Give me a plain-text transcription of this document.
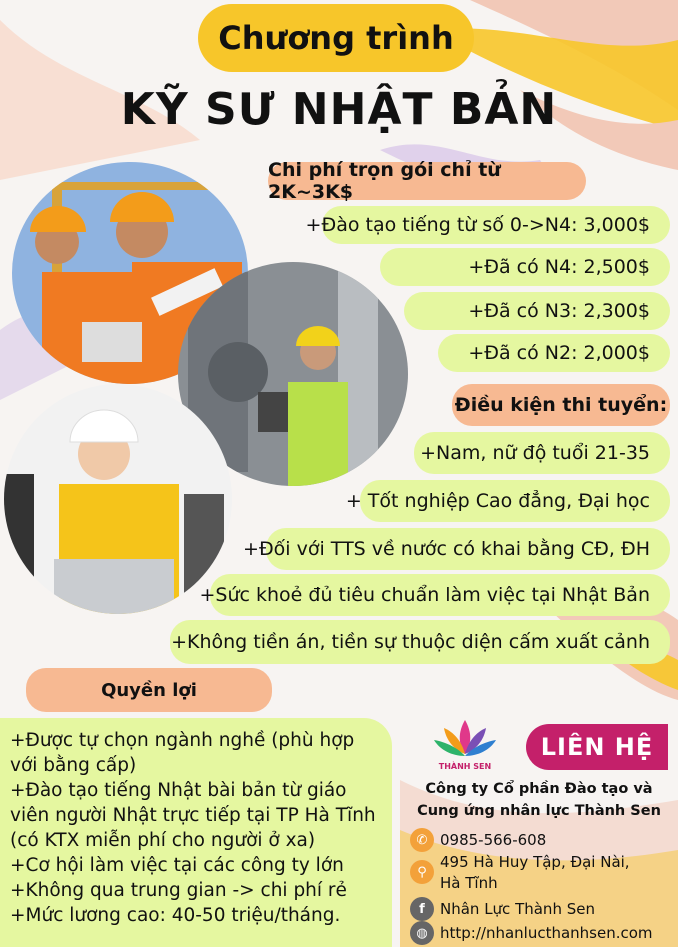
Chương trình
KỸ SƯ NHẬT BẢN
Chi phí trọn gói chỉ từ 2K~3K$
+Đào tạo tiếng từ số 0->N4: 3,000$
+Đã có N4: 2,500$
+Đã có N3: 2,300$
+Đã có N2: 2,000$
Điều kiện thi tuyển:
+Nam, nữ độ tuổi 21-35
+ Tốt nghiệp Cao đẳng, Đại học
+Đối với TTS về nước có khai bằng CĐ, ĐH
+Sức khoẻ đủ tiêu chuẩn làm việc tại Nhật Bản
+Không tiền án, tiền sự thuộc diện cấm xuất cảnh
Quyền lợi

+Được tự chọn ngành nghề (phù hợp với bằng cấp)

+Đào tạo tiếng Nhật bài bản từ giáo viên người Nhật trực tiếp tại TP Hà Tĩnh (có KTX miễn phí cho người ở xa)

+Cơ hội làm việc tại các công ty lớn

+Không qua trung gian -> chi phí rẻ

+Mức lương cao: 40-50 triệu/tháng.

THÀNH SEN
LIÊN HỆ
Công ty Cổ phần Đào tạo và
Cung ứng nhân lực Thành Sen
✆ 0985-566-608
⚲
495 Hà Huy Tập, Đại Nài,
Hà Tĩnh
f	Nhân Lực Thành Sen
◍ http://nhanlucthanhsen.com
